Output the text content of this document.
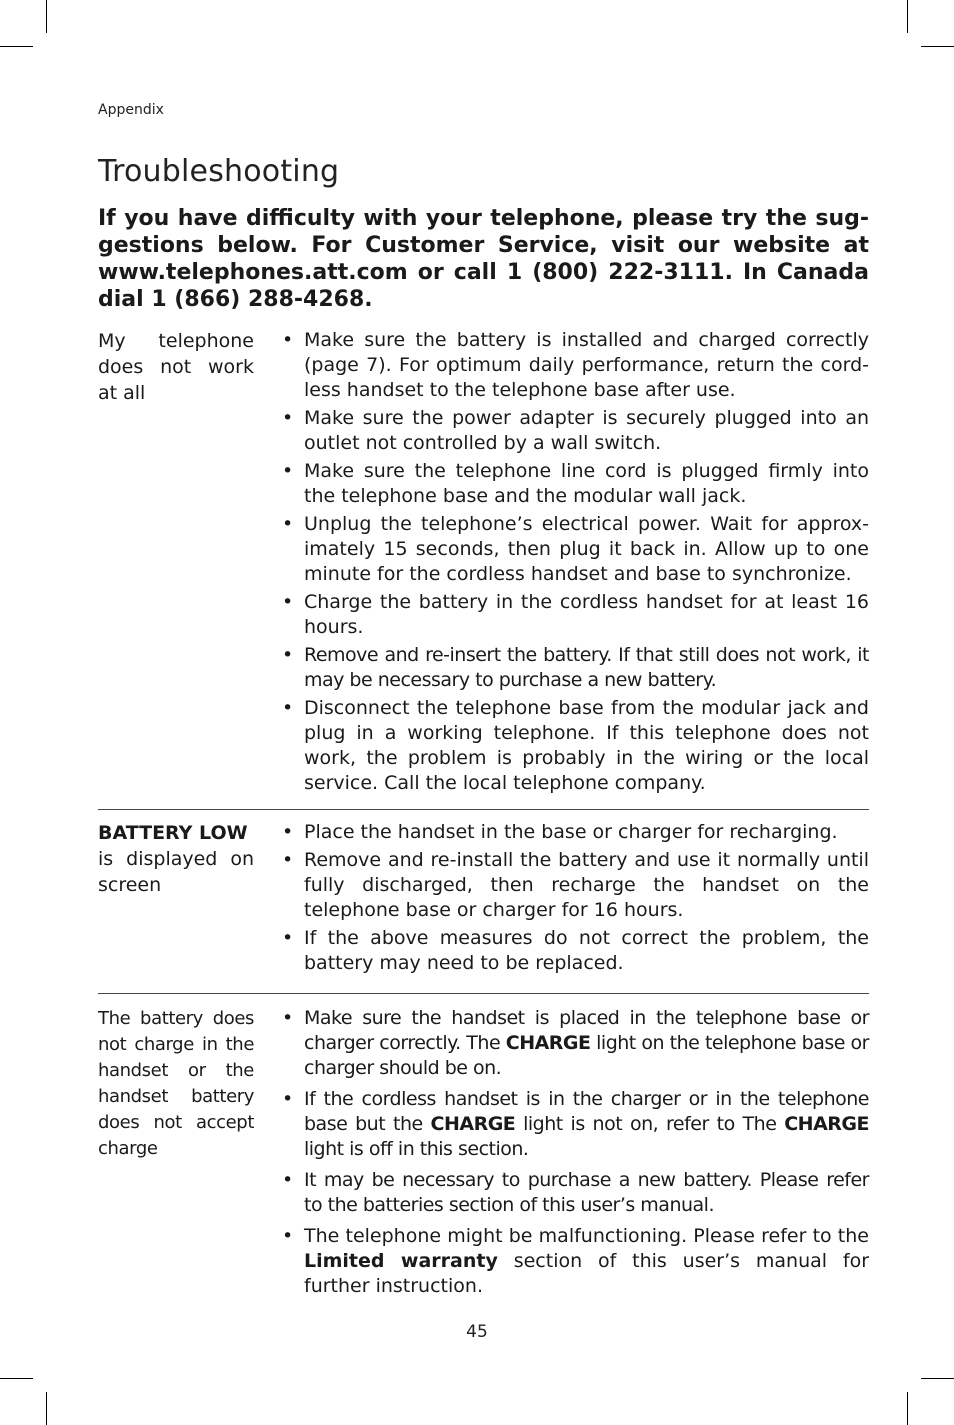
Appendix
Troubleshooting

If you have difficulty with your telephone, please try the sug-gestions below. For Customer Service, visit our website at www.telephones.att.com or call 1 (800) 222-3111. In Canada dial 1 (866) 288-4268.

My telephone does not work at all
• Make sure the battery is installed and charged correctly (page 7). For optimum daily performance, return the cord-less handset to the telephone base after use.
• Make sure the power adapter is securely plugged into an outlet not controlled by a wall switch.
• Make sure the telephone line cord is plugged firmly into the telephone base and the modular wall jack.
• Unplug the telephone’s electrical power. Wait for approx-imately 15 seconds, then plug it back in. Allow up to one minute for the cordless handset and base to synchronize.
• Charge the battery in the cordless handset for at least 16 hours.
• Remove and re-insert the battery. If that still does not work, it may be necessary to purchase a new battery.
• Disconnect the telephone base from the modular jack and plug in a working telephone. If this telephone does not work, the problem is probably in the wiring or the local service. Call the local telephone company.
BATTERY LOW
is displayed on screen
• Place the handset in the base or charger for recharging.
• Remove and re-install the battery and use it normally until fully discharged, then recharge the handset on the telephone base or charger for 16 hours.
• If the above measures do not correct the problem, the battery may need to be replaced.
The battery does not charge in the handset or the handset battery does not accept charge
• Make sure the handset is placed in the telephone base or charger correctly. The CHARGE light on the telephone base or charger should be on.
• If the cordless handset is in the charger or in the telephone base but the CHARGE light is not on, refer to The CHARGE light is off in this section.
• It may be necessary to purchase a new battery. Please refer to the batteries section of this user’s manual.
• The telephone might be malfunctioning. Please refer to the Limited warranty section of this user’s manual for further instruction.
45
